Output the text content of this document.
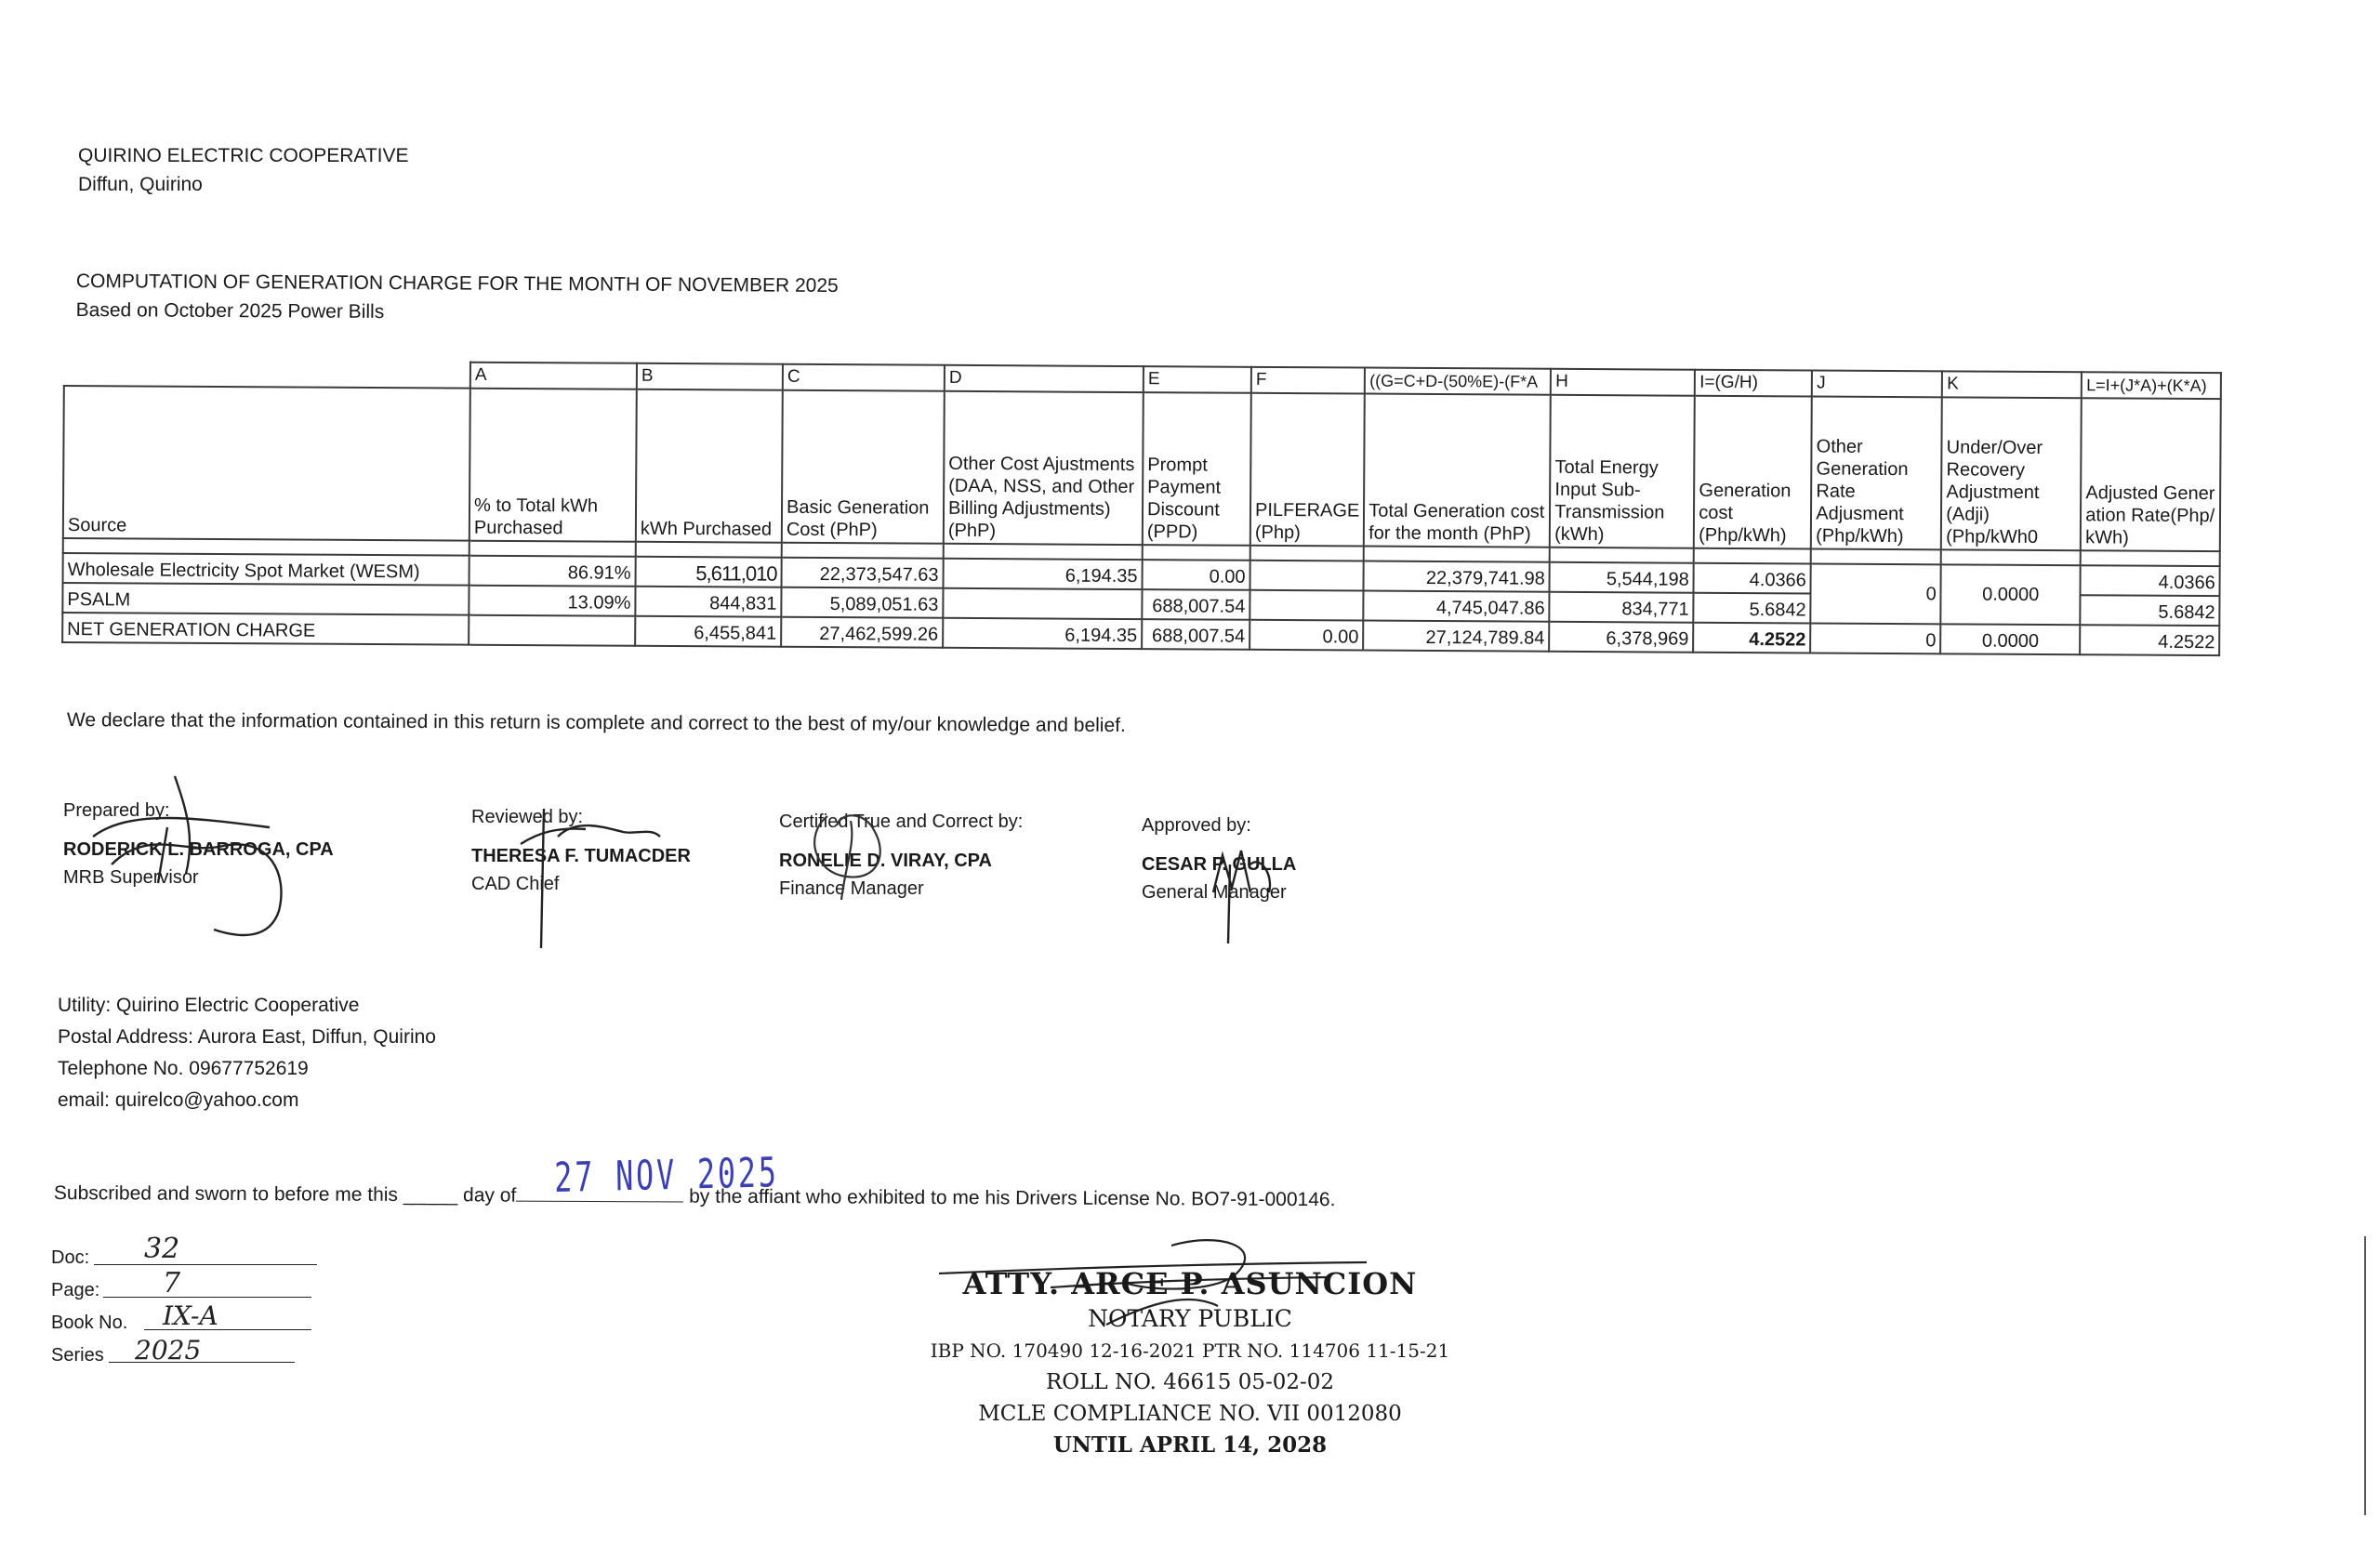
QUIRINO ELECTRIC COOPERATIVE
Diffun, Quirino
COMPUTATION OF GENERATION CHARGE FOR THE MONTH OF NOVEMBER 2025
Based on October 2025 Power Bills
	A	B	C	D	E	F	((G=C+D-(50%E)-(F*A	H	I=(G/H)	J	K	L=I+(J*A)+(K*A)
Source	% to Total kWh Purchased	kWh Purchased	Basic Generation Cost (PhP)	Other Cost Ajustments (DAA, NSS, and Other Billing Adjustments) (PhP)	Prompt Payment Discount (PPD)	PILFERAGE (Php)	Total Generation cost for the month (PhP)	Total Energy Input Sub-Transmission (kWh)	Generation cost (Php/kWh)	Other Generation Rate Adjusment (Php/kWh)	Under/Over Recovery Adjustment (Adji) (Php/kWh0	Adjusted Generation Rate(Php/kWh)

Wholesale Electricity Spot Market (WESM)	86.91%	5,611,010	22,373,547.63	6,194.35	0.00		22,379,741.98	5,544,198	4.0366	0	0.0000	4.0366
PSALM	13.09%	844,831	5,089,051.63		688,007.54		4,745,047.86	834,771	5.6842			5.6842
NET GENERATION CHARGE		6,455,841	27,462,599.26	6,194.35	688,007.54	0.00	27,124,789.84	6,378,969	4.2522	0	0.0000	4.2522
We declare that the information contained in this return is complete and correct to the best of my/our knowledge and belief.
Prepared by:
RODERICK L. BARROGA, CPA
MRB Supervisor
Reviewed by:
THERESA F. TUMACDER
CAD Chief
Certified True and Correct by:
RONELIE D. VIRAY, CPA
Finance Manager
Approved by:
CESAR P. GULLA
General Manager
Utility: Quirino Electric Cooperative
Postal Address: Aurora East, Diffun, Quirino
Telephone No. 09677752619
email: quirelco@yahoo.com
Subscribed and sworn to before me this _____ day of	by the affiant who exhibited to me his Drivers License No. BO7-91-000146.
27 NOV 2025
Doc: 32
Page: 7
Book No. IX-A
Series 2025
ATTY. ARCE P. ASUNCION
NOTARY PUBLIC
IBP NO. 170490 12-16-2021 PTR NO. 114706 11-15-21
ROLL NO. 46615 05-02-02
MCLE COMPLIANCE NO. VII 0012080
UNTIL APRIL 14, 2028
